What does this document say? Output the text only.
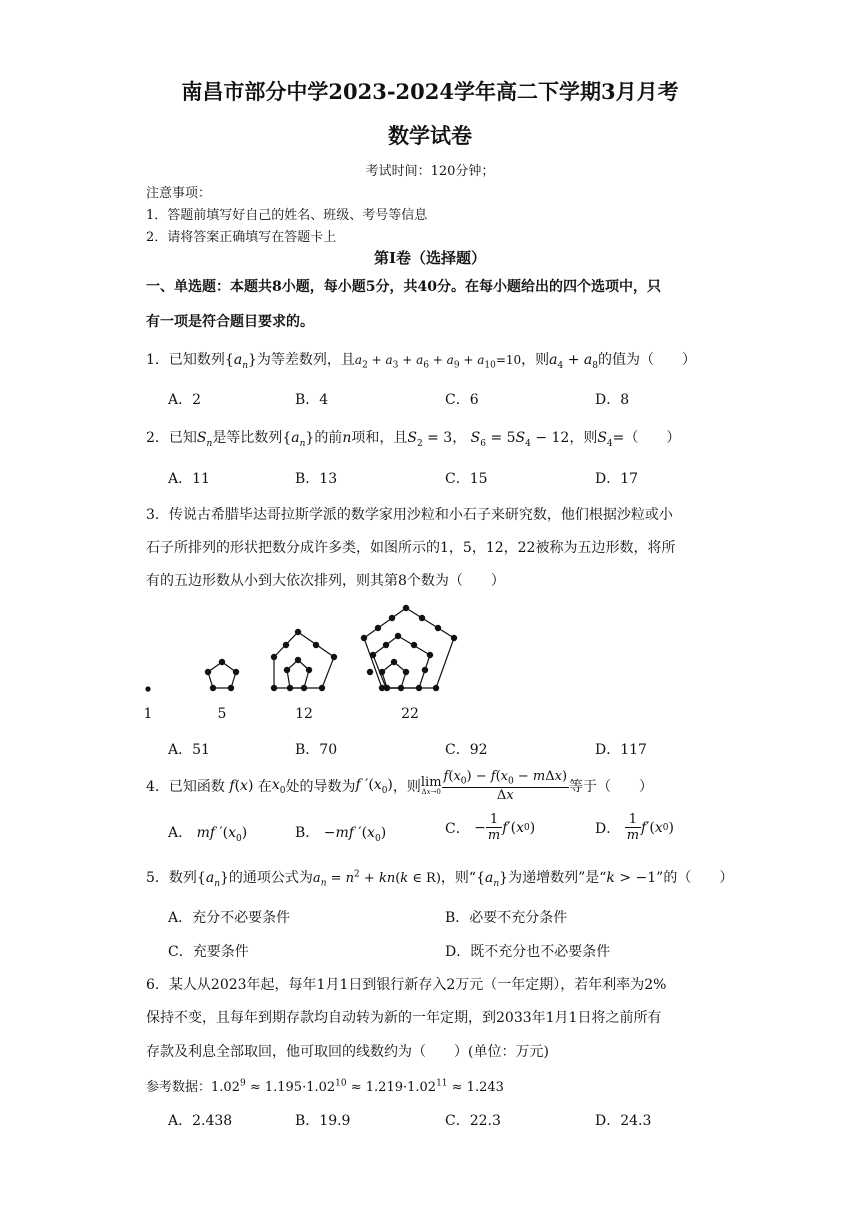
南昌市部分中学2023-2024学年高二下学期3月月考
数学试卷
考试时间：120分钟；
注意事项：
1．答题前填写好自己的姓名、班级、考号等信息
2．请将答案正确填写在答题卡上
第Ⅰ卷（选择题）
一、单选题：本题共8小题，每小题5分，共40分。在每小题给出的四个选项中，只
有一项是符合题目要求的。
1．已知数列$\{a_n\}$为等差数列，且$a_2 + a_3 + a_6 + a_9 + a_{10}=10$，则$a_4 + a_8$的值为（　　）
A．2	B．4	C．6	D．8
2．已知$S_n$是等比数列$\{a_n\}$的前n项和，且$S_2 = 3$， $S_6 = 5S_4 - 12$，则$S_4=$（　　）
A．11	B．13	C．15	D．17
3．传说古希腊毕达哥拉斯学派的数学家用沙粒和小石子来研究数，他们根据沙粒或小
石子所排列的形状把数分成许多类，如图所示的1，5，12，22被称为五边形数，将所
有的五边形数从小到大依次排列，则其第8个数为（　　）
1	5	12	22
A．51	B．70	C．92	D．117
4．已知函数 f(x) 在 $x_0$ 处的导数为 f $'(x_0)$ ，则 lim
$\Delta x\to 0 \frac{f(x_0) - f(x_0 - m\Delta x)}{\Delta x}$ 等于（　　）
A． mf $'(x_0)$	B． −mf $'(x_0)$	C． − $\frac{1}{m}$ f ′( x 0 )	D．
$\frac{1}{m}$ f ′( x 0 )
5．数列$\{a_n\}$的通项公式为$a_n = n^2 + kn(k$ ∈ R)，则“$\{a_n\}$为递增数列”是“k > −1”的（　　）
A．充分不必要条件	B．必要不充分条件
C．充要条件	D．既不充分也不必要条件
6．某人从2023年起，每年1月1日到银行新存入2万元（一年定期），若年利率为2%
保持不变，且每年到期存款均自动转为新的一年定期，到2033年1月1日将之前所有
存款及利息全部取回，他可取回的线数约为（　　）(单位：万元)
参考数据：$1.02^9 \approx 1.195\cdot 1.02^{10} \approx 1.219\cdot 1.02^{11} \approx 1.243$
A．2.438	B．19.9	C．22.3	D．24.3
